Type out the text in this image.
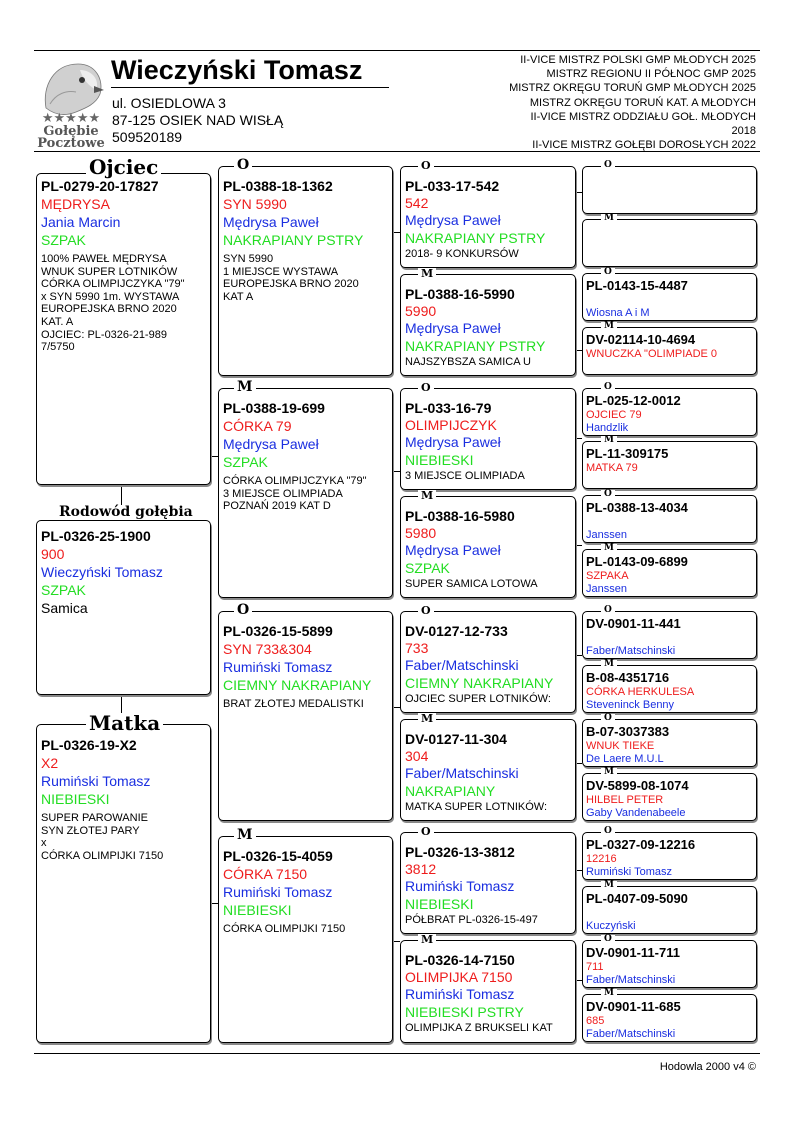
★★★★★
Gołębie
Pocztowe
Wieczyński Tomasz
ul. OSIEDLOWA 3
87-125 OSIEK NAD WISŁĄ
509520189
II-VICE MISTRZ POLSKI GMP MŁODYCH 2025
MISTRZ REGIONU II PÓŁNOC GMP 2025
MISTRZ OKRĘGU TORUŃ GMP MŁODYCH 2025
MISTRZ OKRĘGU TORUŃ KAT. A MŁODYCH
II-VICE MISTRZ ODDZIAŁU GOŁ. MŁODYCH
2018
II-VICE MISTRZ GOŁĘBI DOROSŁYCH 2022
PL-0279-20-17827
MĘDRYSA
Jania Marcin
SZPAK
100% PAWEŁ MĘDRYSA
WNUK SUPER LOTNIKÓW
CÓRKA OLIMPIJCZYKA "79"
x SYN 5990 1m. WYSTAWA
EUROPEJSKA BRNO 2020
KAT. A
OJCIEC: PL-0326-21-989
7/5750
Ojciec
PL-0326-25-1900
900
Wieczyński Tomasz
SZPAK
Samica
Rodowód gołębia
PL-0326-19-X2
X2
Rumiński Tomasz
NIEBIESKI
SUPER PAROWANIE
SYN ZŁOTEJ PARY
x
CÓRKA OLIMPIJKI 7150
Matka
PL-0388-18-1362
SYN 5990
Mędrysa Paweł
NAKRAPIANY PSTRY
SYN 5990
1 MIEJSCE WYSTAWA
EUROPEJSKA BRNO 2020
KAT A
O
PL-0388-19-699
CÓRKA 79
Mędrysa Paweł
SZPAK
CÓRKA OLIMPIJCZYKA "79"
3 MIEJSCE OLIMPIADA
POZNAŃ 2019 KAT D
M
PL-0326-15-5899
SYN 733&304
Rumiński Tomasz
CIEMNY NAKRAPIANY
BRAT ZŁOTEJ MEDALISTKI
O
PL-0326-15-4059
CÓRKA 7150
Rumiński Tomasz
NIEBIESKI
CÓRKA OLIMPIJKI 7150
M
PL-033-17-542
542
Mędrysa Paweł
NAKRAPIANY PSTRY
2018- 9 KONKURSÓW
O
PL-0388-16-5990
5990
Mędrysa Paweł
NAKRAPIANY PSTRY
NAJSZYBSZA SAMICA U
M
PL-033-16-79
OLIMPIJCZYK
Mędrysa Paweł
NIEBIESKI
3 MIEJSCE OLIMPIADA
O
PL-0388-16-5980
5980
Mędrysa Paweł
SZPAK
SUPER SAMICA LOTOWA
M
DV-0127-12-733
733
Faber/Matschinski
CIEMNY NAKRAPIANY
OJCIEC SUPER LOTNIKÓW:
O
DV-0127-11-304
304
Faber/Matschinski
NAKRAPIANY
MATKA SUPER LOTNIKÓW:
M
PL-0326-13-3812
3812
Rumiński Tomasz
NIEBIESKI
PÓŁBRAT PL-0326-15-497
O
PL-0326-14-7150
OLIMPIJKA 7150
Rumiński Tomasz
NIEBIESKI PSTRY
OLIMPIJKA Z BRUKSELI KAT
M
O
M
PL-0143-15-4487
Wiosna A i M
O
DV-02114-10-4694
WNUCZKA "OLIMPIADE 0
M
PL-025-12-0012
OJCIEC 79
Handzlik
O
PL-11-309175
MATKA 79
M
PL-0388-13-4034
Janssen
O
PL-0143-09-6899
SZPAKA
Janssen
M
DV-0901-11-441
Faber/Matschinski
O
B-08-4351716
CÓRKA HERKULESA
Steveninck Benny
M
B-07-3037383
WNUK TIEKE
De Laere M.U.L
O
DV-5899-08-1074
HILBEL PETER
Gaby Vandenabeele
M
PL-0327-09-12216
12216
Rumiński Tomasz
O
PL-0407-09-5090
Kuczyński
M
DV-0901-11-711
711
Faber/Matschinski
O
DV-0901-11-685
685
Faber/Matschinski
M
Hodowla 2000 v4 ©
